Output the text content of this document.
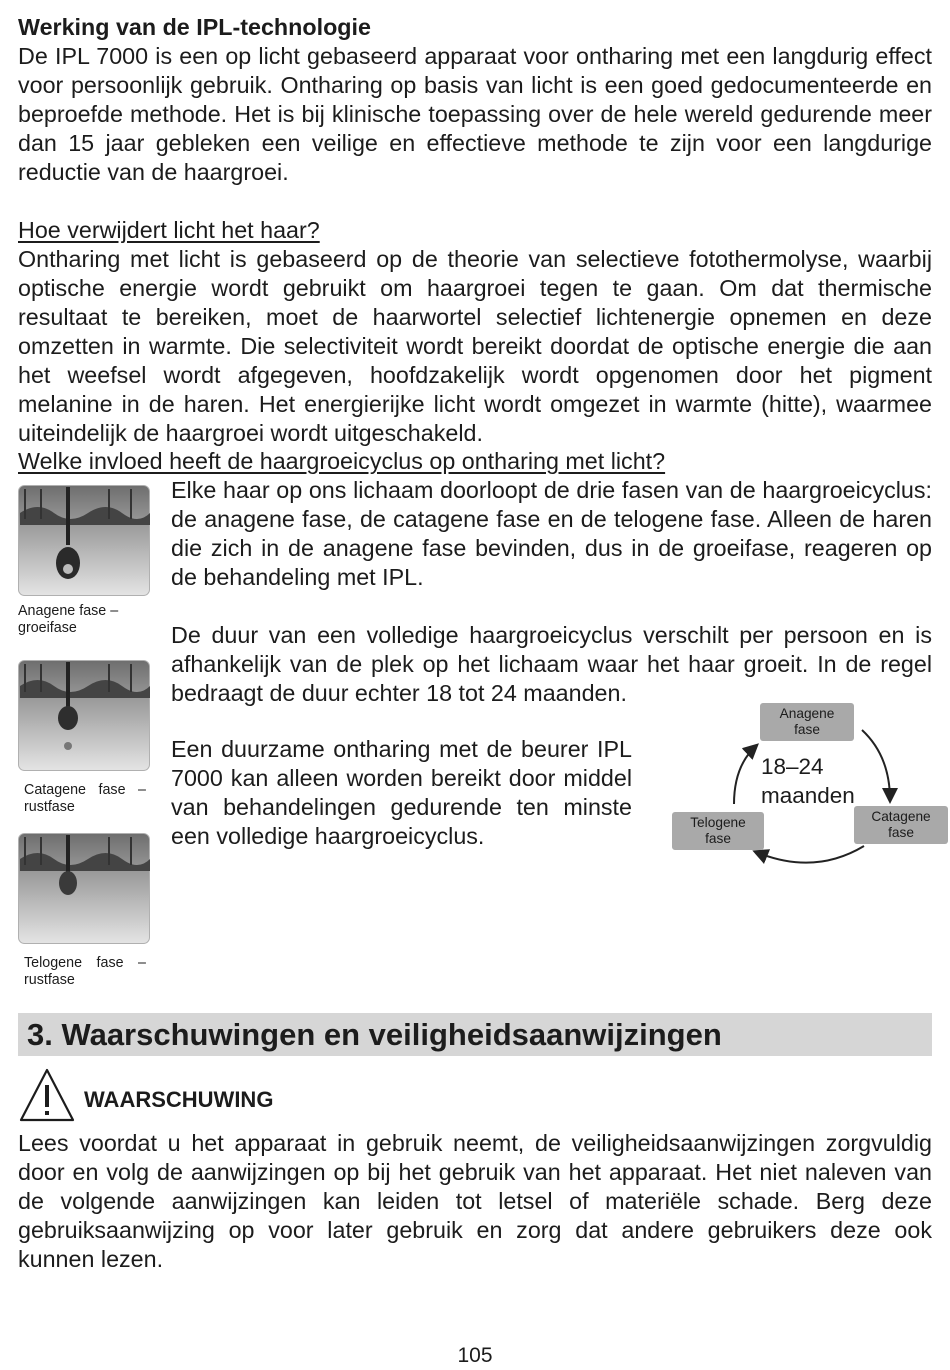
Werking van de IPL-technologie

De IPL 7000 is een op licht gebaseerd apparaat voor ontharing met een langdurig effect voor persoonlijk gebruik. Ontharing op basis van licht is een goed gedocumenteerde en beproefde methode. Het is bij klinische toepassing over de hele wereld gedurende meer dan 15 jaar gebleken een veilige en effectieve methode te zijn voor een langdurige reductie van de haargroei.

Hoe verwijdert licht het haar?

Ontharing met licht is gebaseerd op de theorie van selectieve fotothermolyse, waarbij optische energie wordt gebruikt om haargroei tegen te gaan. Om dat thermische resultaat te bereiken, moet de haarwortel selectief lichtenergie opnemen en deze omzetten in warmte. Die selectiviteit wordt bereikt doordat de optische energie die aan het weefsel wordt afgegeven, hoofdzakelijk wordt opgenomen door het pigment melanine in de haren. Het energierijke licht wordt omgezet in warmte (hitte), waarmee uiteindelijk de haargroei wordt uitgeschakeld.

Welke invloed heeft de haargroeicyclus op ontharing met licht?

Anagene fase – groeifase

Catagene fase – rustfase

Telogene fase – rustfase

Elke haar op ons lichaam doorloopt de drie fasen van de haargroeicyclus: de anagene fase, de catagene fase en de telogene fase. Alleen de haren die zich in de anagene fase bevinden, dus in de groeifase, reageren op de behandeling met IPL.

De duur van een volledige haargroeicyclus verschilt per persoon en is afhankelijk van de plek op het lichaam waar het haar groeit. In de regel bedraagt de duur echter 18 tot 24 maanden.

Een duurzame ontharing met de beurer IPL 7000 kan alleen worden bereikt door middel van behandelingen gedurende ten minste een volledige haargroeicyclus.

Anagene fase
Catagene fase
Telogene fase
18–24
maanden
3. Waarschuwingen en veiligheidsaanwijzingen
WAARSCHUWING

Lees voordat u het apparaat in gebruik neemt, de veiligheidsaanwijzingen zorgvuldig door en volg de aanwijzingen op bij het gebruik van het apparaat. Het niet naleven van de volgende aanwijzingen kan leiden tot letsel of materiële schade. Berg deze gebruiksaanwijzing op voor later gebruik en zorg dat andere gebruikers deze ook kunnen lezen.

105
